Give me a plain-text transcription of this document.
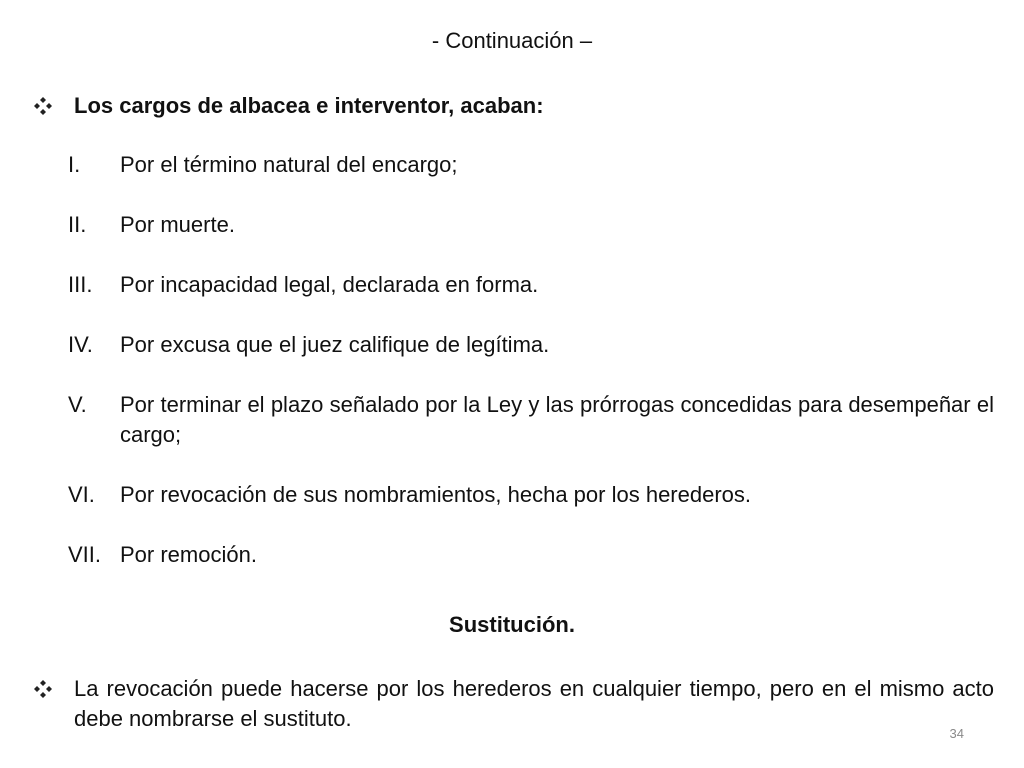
- Continuación –
Los cargos de albacea e interventor, acaban:
I.	Por el término natural del encargo;
II.	Por muerte.
III.	Por incapacidad legal, declarada en forma.
IV.	Por excusa que el juez califique de legítima.
V.	Por terminar el plazo señalado por la Ley y las prórrogas concedidas para desempeñar el cargo;
VI.	Por revocación de sus nombramientos, hecha por los herederos.
VII. Por remoción.
Sustitución.
La revocación puede hacerse por los herederos en cualquier tiempo, pero en el mismo acto debe nombrarse el sustituto.
34
